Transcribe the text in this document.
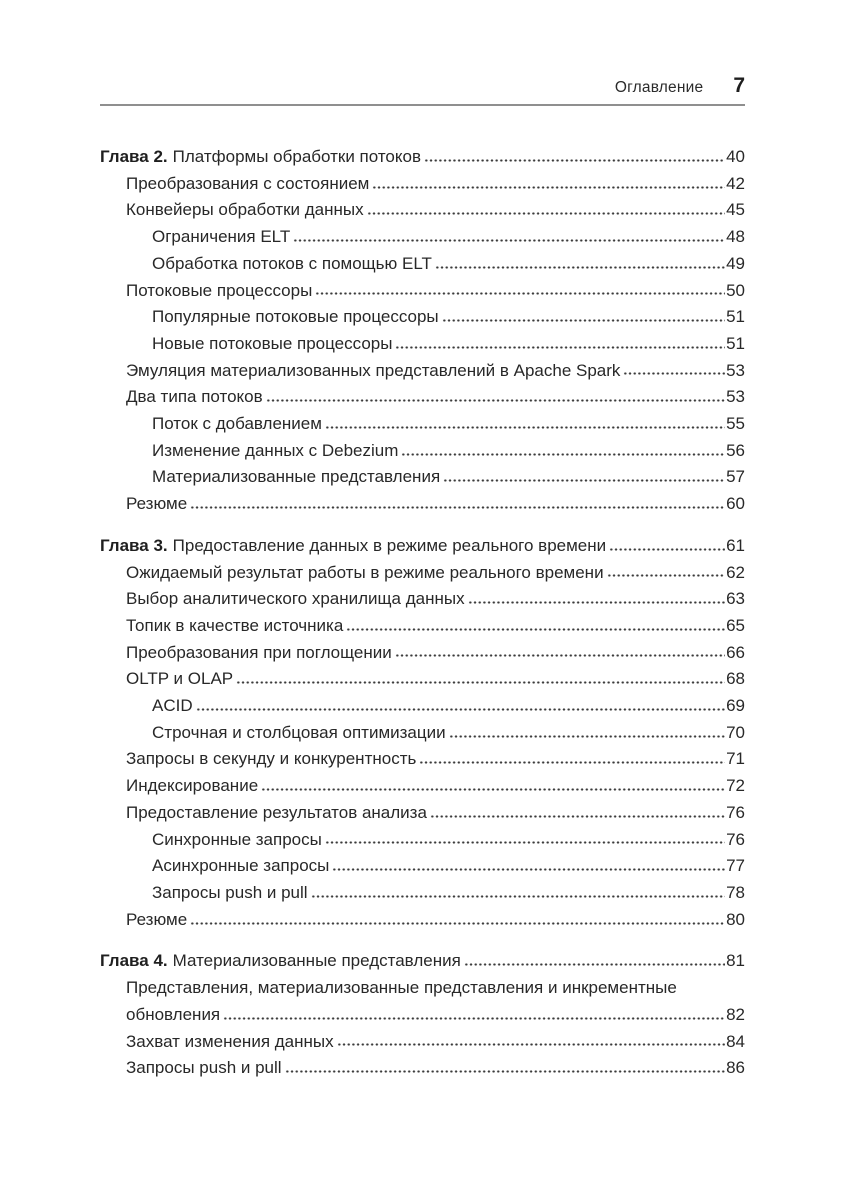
Оглавление 7
Глава 2. Платформы обработки потоков	40
Преобразования с состоянием	42
Конвейеры обработки данных	45
Ограничения ELT	48
Обработка потоков с помощью ELT	49
Потоковые процессоры	50
Популярные потоковые процессоры	51
Новые потоковые процессоры	51
Эмуляция материализованных представлений в Apache Spark	53
Два типа потоков	53
Поток с добавлением	55
Изменение данных с Debezium	56
Материализованные представления	57
Резюме	60
Глава 3. Предоставление данных в режиме реального времени	61
Ожидаемый результат работы в режиме реального времени	62
Выбор аналитического хранилища данных	63
Топик в качестве источника	65
Преобразования при поглощении	66
OLTP и OLAP	68
ACID	69
Строчная и столбцовая оптимизации	70
Запросы в секунду и конкурентность	71
Индексирование	72
Предоставление результатов анализа	76
Синхронные запросы	76
Асинхронные запросы	77
Запросы push и pull	78
Резюме	80
Глава 4. Материализованные представления	81
Представления, материализованные представления и инкрементные
обновления	82
Захват изменения данных	84
Запросы push и pull	86
